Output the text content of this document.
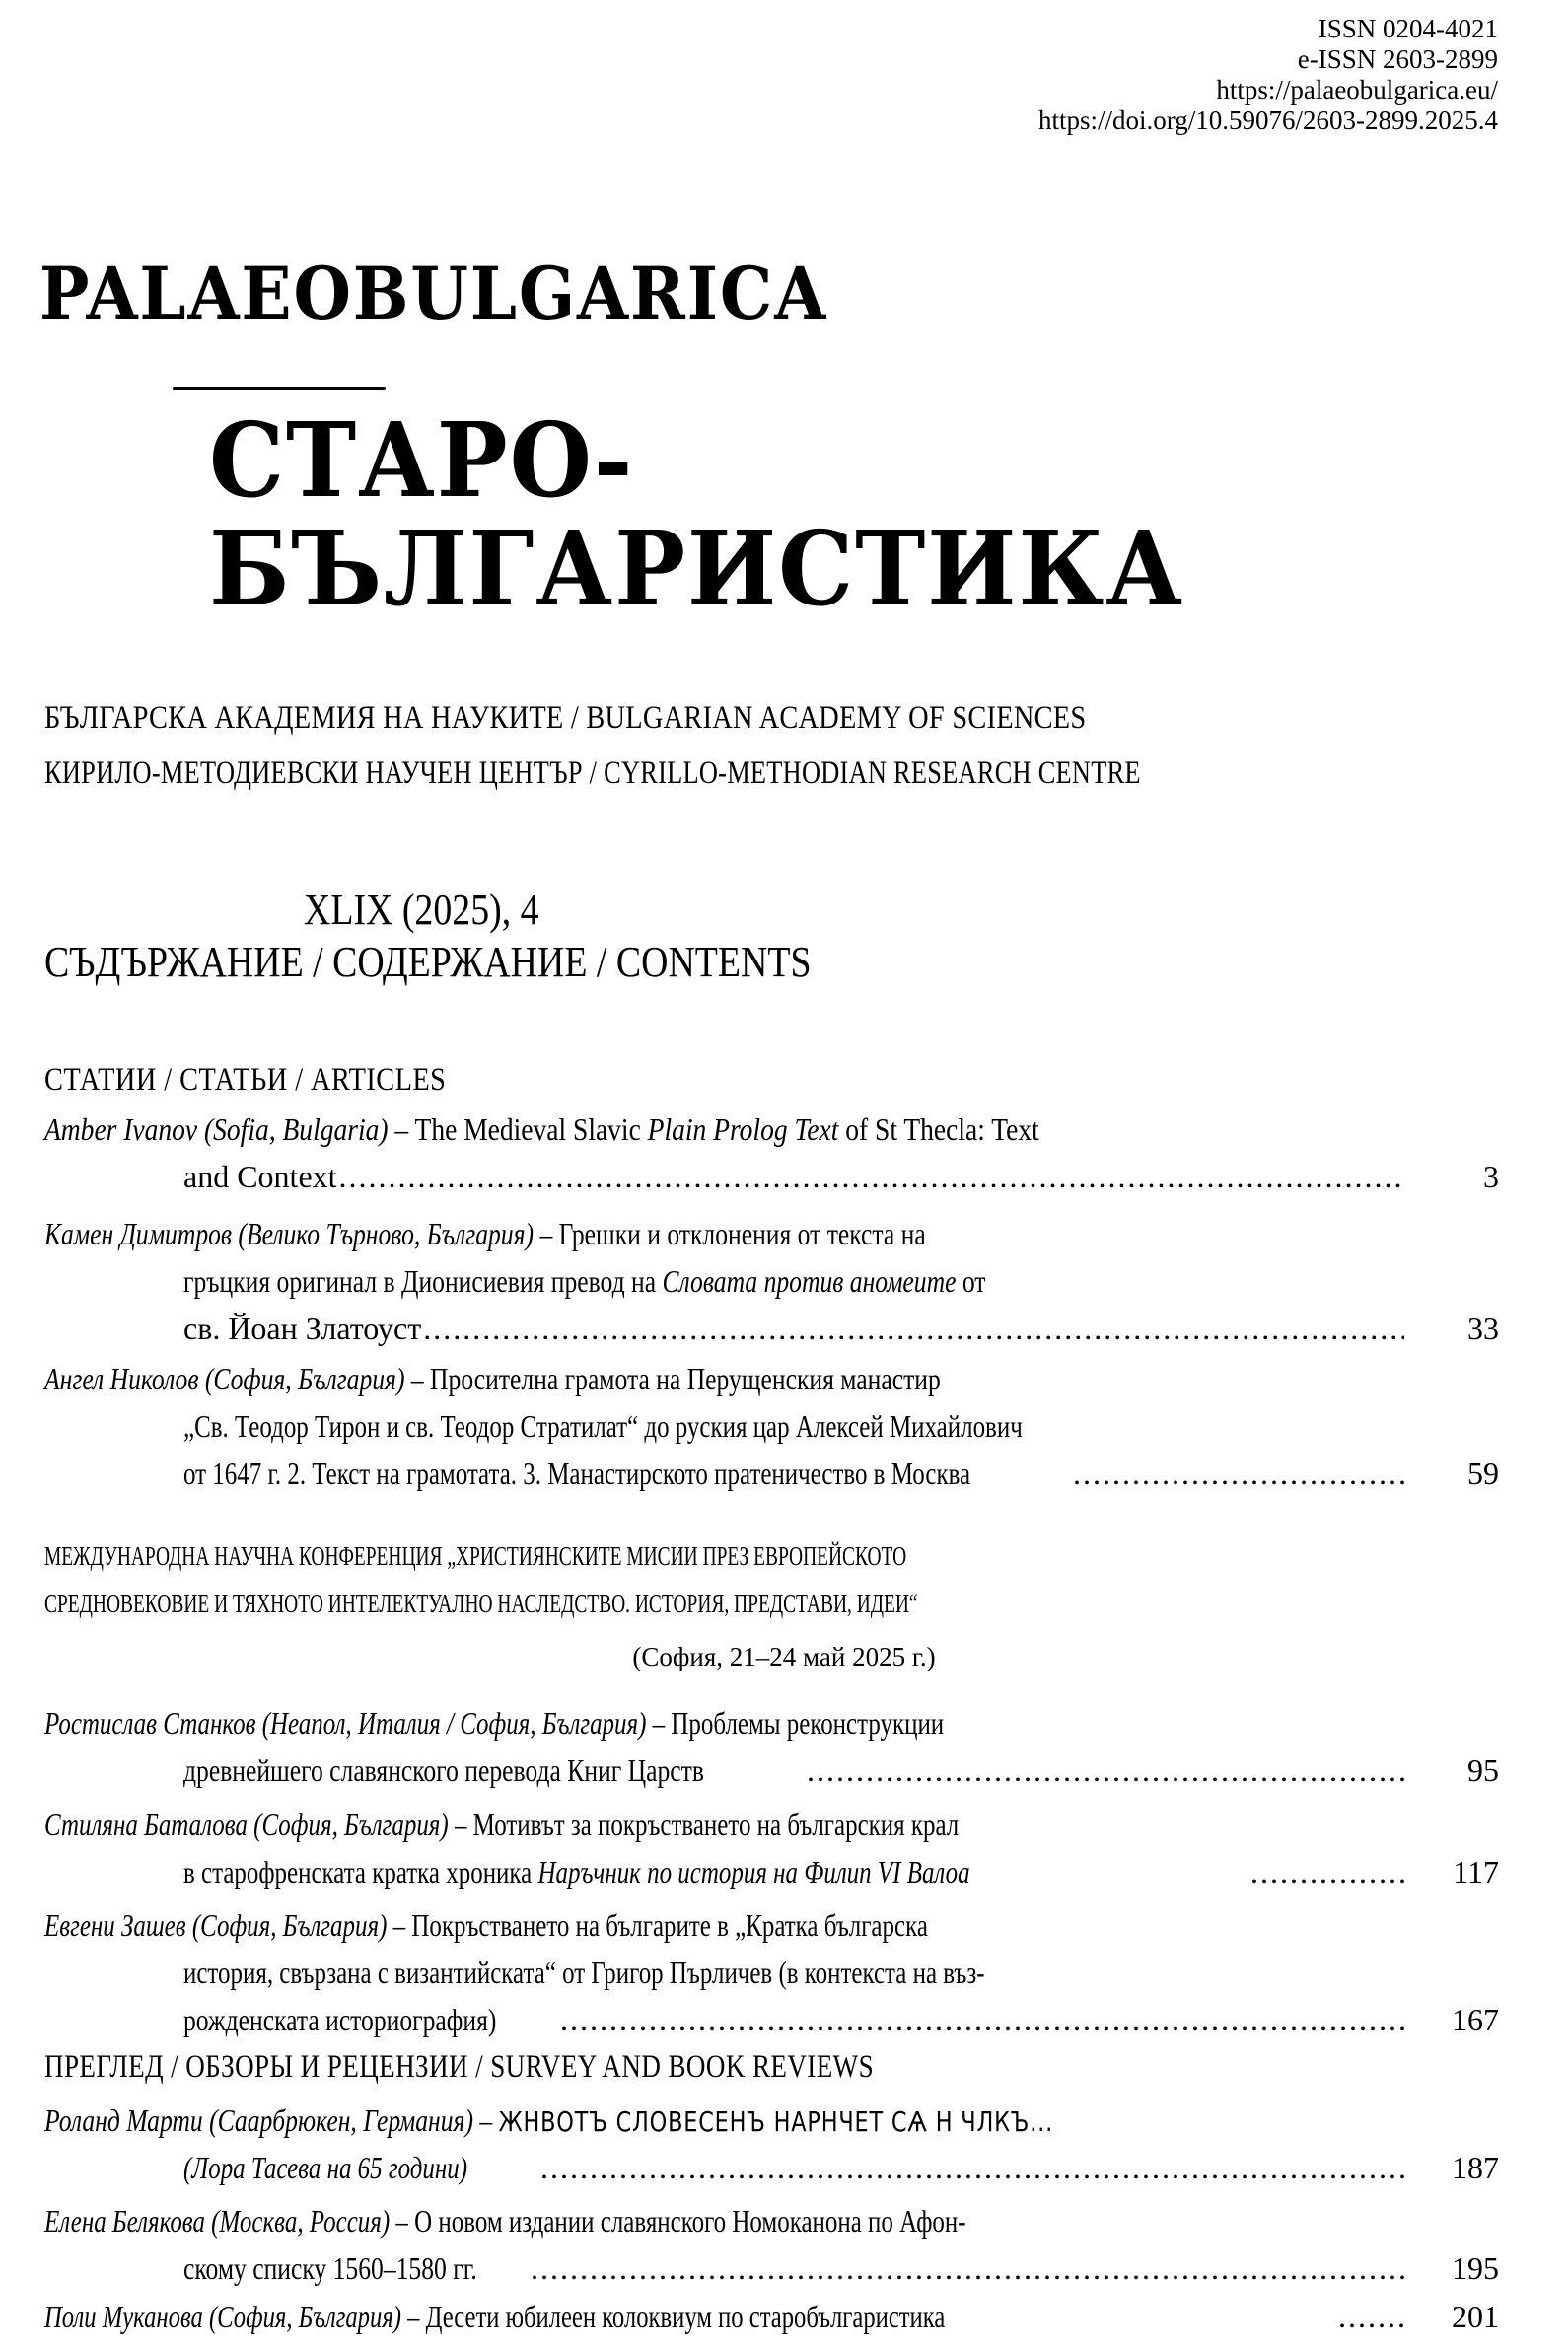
ISSN 0204-4021
e-ISSN 2603-2899
https://palaeobulgarica.eu/
https://doi.org/10.59076/2603-2899.2025.4
palaeobulgarica
СТАРО-
БЪЛГАРИСТИКА
БЪЛГАРСКА АКАДЕМИЯ НА НАУКИТЕ / BULGARIAN ACADEMY OF SCIENCES
КИРИЛО-МЕТОДИЕВСКИ НАУЧЕН ЦЕНТЪР / CYRILLO-METHODIAN RESEARCH CENTRE
XLIX (2025), 4
СЪДЪРЖАНИЕ / СОДЕРЖАНИЕ / CONTENTS
СТАТИИ / СТАТЬИ / ARTICLES
Amber Ivanov (Sofia, Bulgaria) – The Medieval Slavic Plain Prolog Text of St Thecla: Text
and Context . . .	3
Камен Димитров (Велико Търново, България) – Грешки и отклонения от текста на
гръцкия оригинал в Дионисиевия превод на Словата против аномеите от
св. Йоан Златоуст . . .	33
Ангел Николов (София, България) – Просителна грамота на Перущенския манастир
„Св. Теодор Тирон и св. Теодор Стратилат“ до руския цар Алексей Михайлович
от 1647 г. 2. Текст на грамотата. 3. Манастирското пратеничество в Москва . . .	59
МЕЖДУНАРОДНА НАУЧНА КОНФЕРЕНЦИЯ „ХРИСТИЯНСКИТЕ МИСИИ ПРЕЗ ЕВРОПЕЙСКОТО
СРЕДНОВЕКОВИЕ И ТЯХНОТО ИНТЕЛЕКТУАЛНО НАСЛЕДСТВО. ИСТОРИЯ, ПРЕДСТАВИ, ИДЕИ“
(София, 21–24 май 2025 г.)
Ростислав Станков (Неапол, Италия / София, България) – Проблемы реконструкции
древнейшего славянского перевода Книг Царств . . .	95
Стиляна Баталова (София, България) – Мотивът за покръстването на българския крал
в старофренската кратка хроника Наръчник по история на Филип VI Валоа . . .	117
Евгени Зашев (София, България) – Покръстването на българите в „Кратка българска
история, свързана с византийската“ от Григор Пърличев (в контекста на въз-
рожденската историография) . . .	167
ПРЕГЛЕД / ОБЗОРЫ И РЕЦЕНЗИИ / SURVEY AND BOOK REVIEWS
Роланд Марти (Саарбрюкен, Германия) – ЖНВОТЪ СЛОВЕСЕНЪ НАРНЧЕТ СѦ Н ЧЛКЪ...
(Лора Тасева на 65 години) . . .	187
Елена Белякова (Москва, Россия) – О новом издании славянского Номоканона по Афон-
скому списку 1560–1580 гг. . . .	195
Поли Муканова (София, България) – Десети юбилеен колоквиум по старобългаристика . . .	201
